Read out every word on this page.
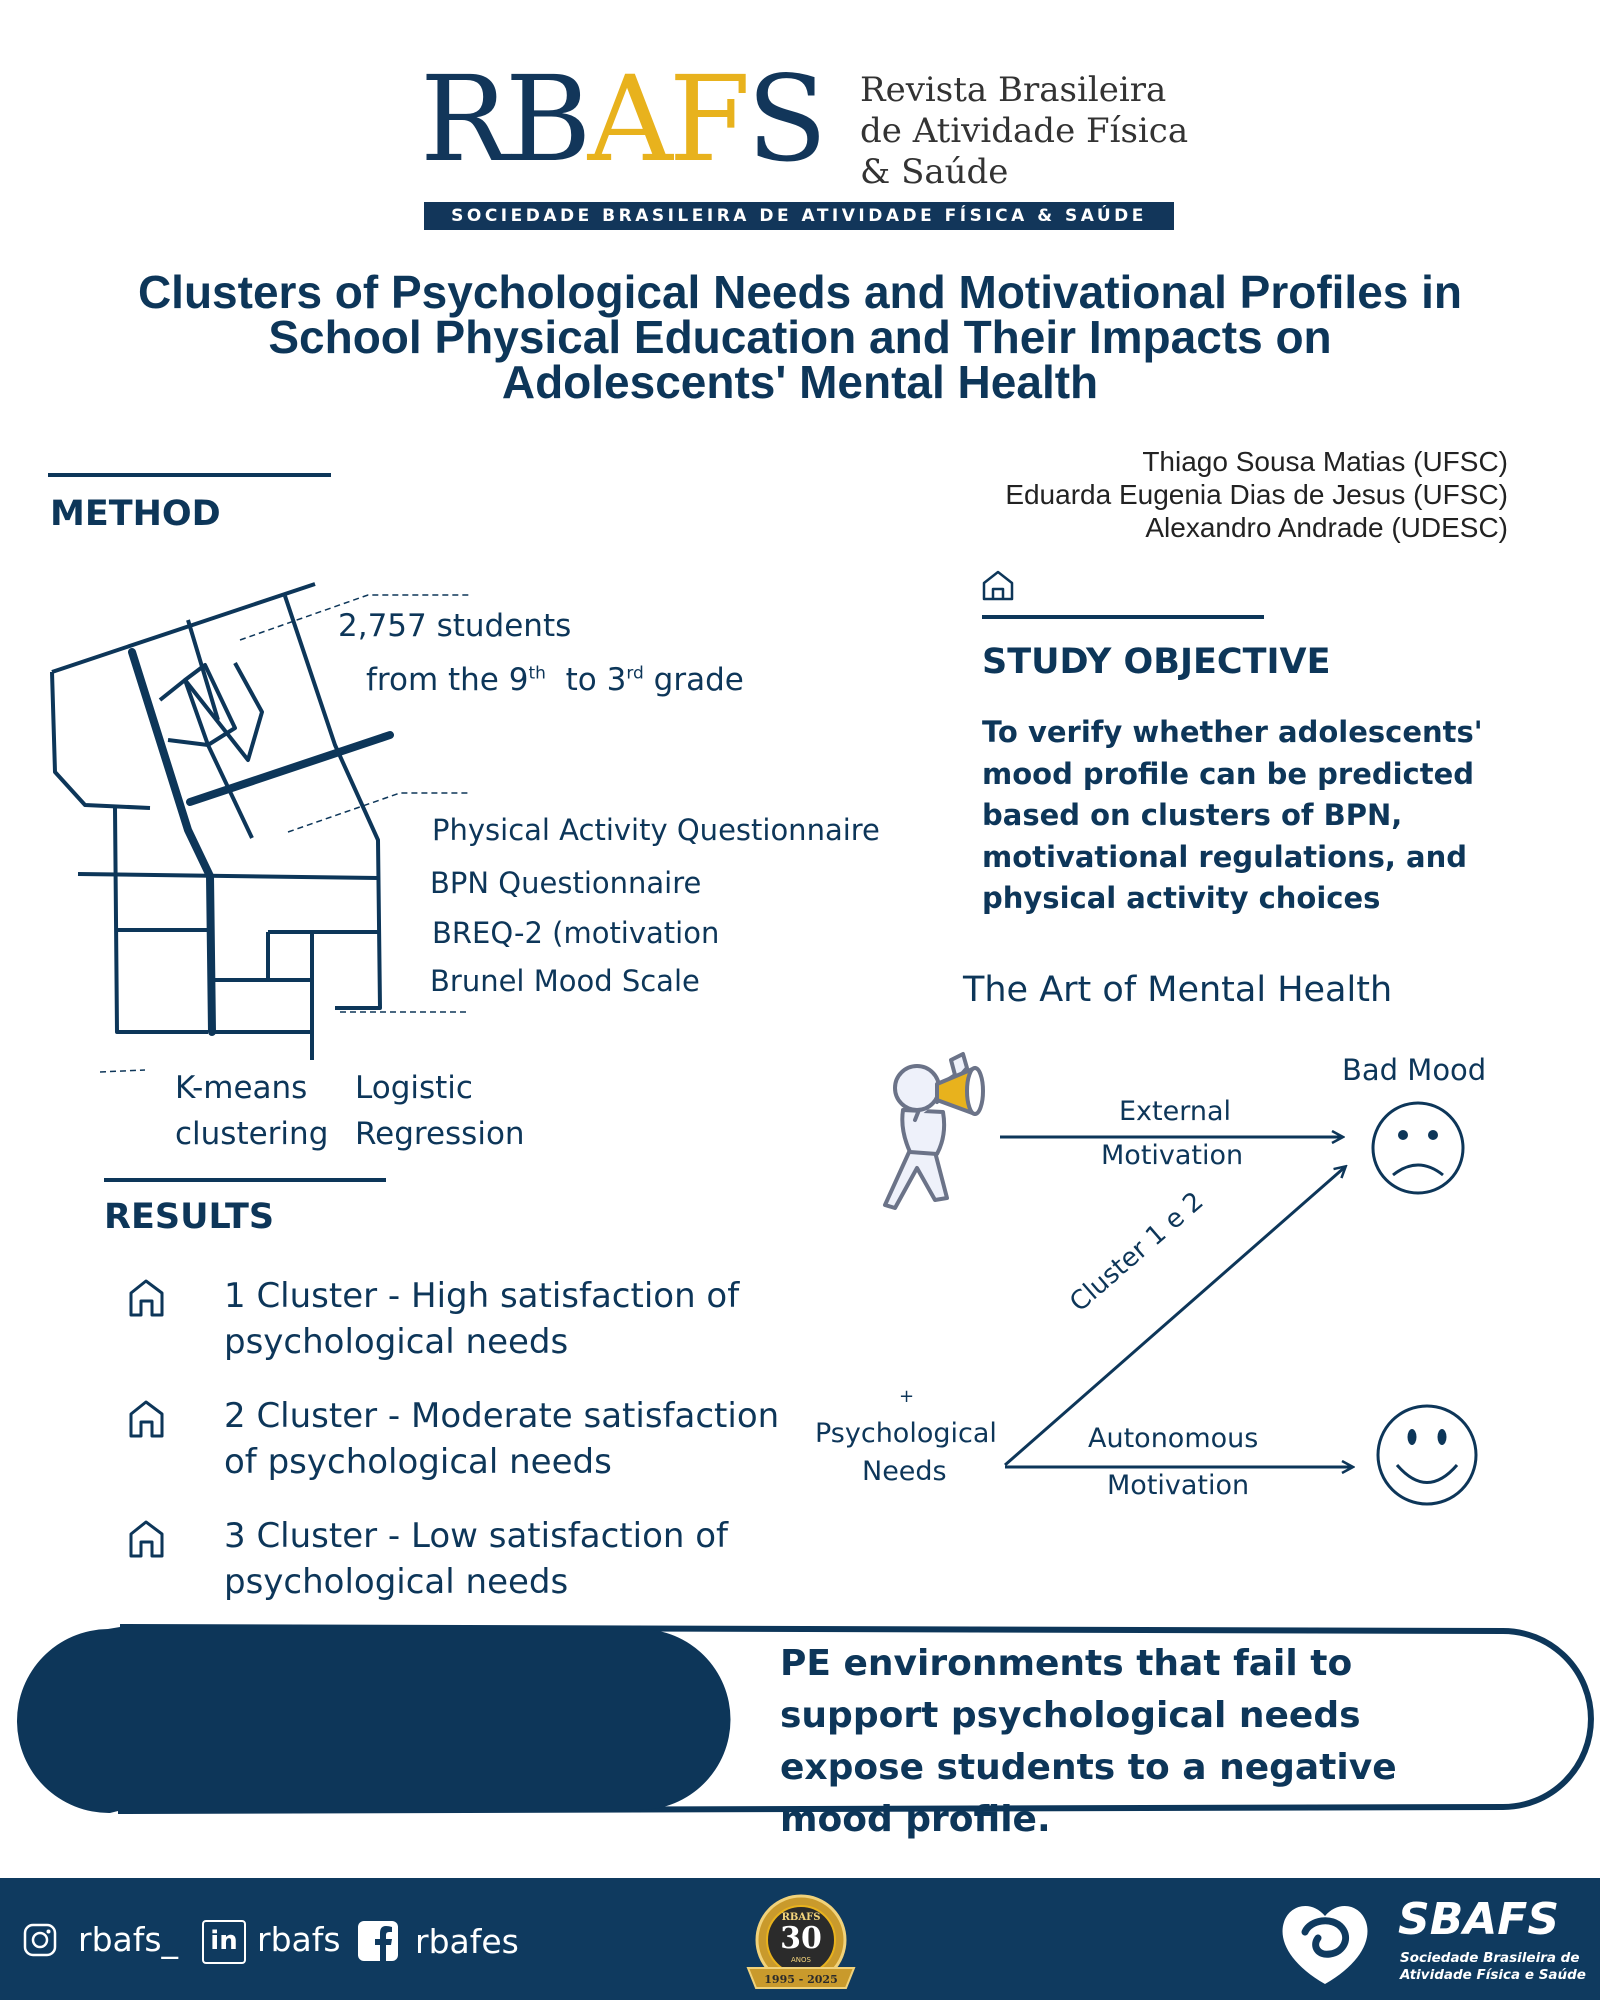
RBAFS Revista Brasileira
de Atividade Física
& Saúde
SOCIEDADE BRASILEIRA DE ATIVIDADE FÍSICA & SAÚDE
Clusters of Psychological Needs and Motivational Profiles in
School Physical Education and Their Impacts on
Adolescents' Mental Health
Thiago Sousa Matias (UFSC)
Eduarda Eugenia Dias de Jesus (UFSC)
Alexandro Andrade (UDESC)
METHOD
2,757 students
from the 9th to 3rd grade
Physical Activity Questionnaire
BPN Questionnaire
BREQ-2 (motivation
Brunel Mood Scale
K-means
clustering
Logistic
Regression
RESULTS
1 Cluster - High satisfaction of
psychological needs
2 Cluster - Moderate satisfaction
of psychological needs
3 Cluster - Low satisfaction of
psychological needs
STUDY OBJECTIVE
To verify whether adolescents' mood profile can be predicted based on clusters of BPN, motivational regulations, and physical activity choices
The Art of Mental Health
Bad Mood
External
Motivation
Cluster 1 e 2
+
Psychological
Needs
Autonomous
Motivation
PE environments that fail to support psychological needs expose students to a negative mood profile.
rbafs_	in rbafs rbafes
RBAFS
30
ANOS
1995 - 2025
SBAFS
Sociedade Brasileira de
Atividade Física e Saúde
